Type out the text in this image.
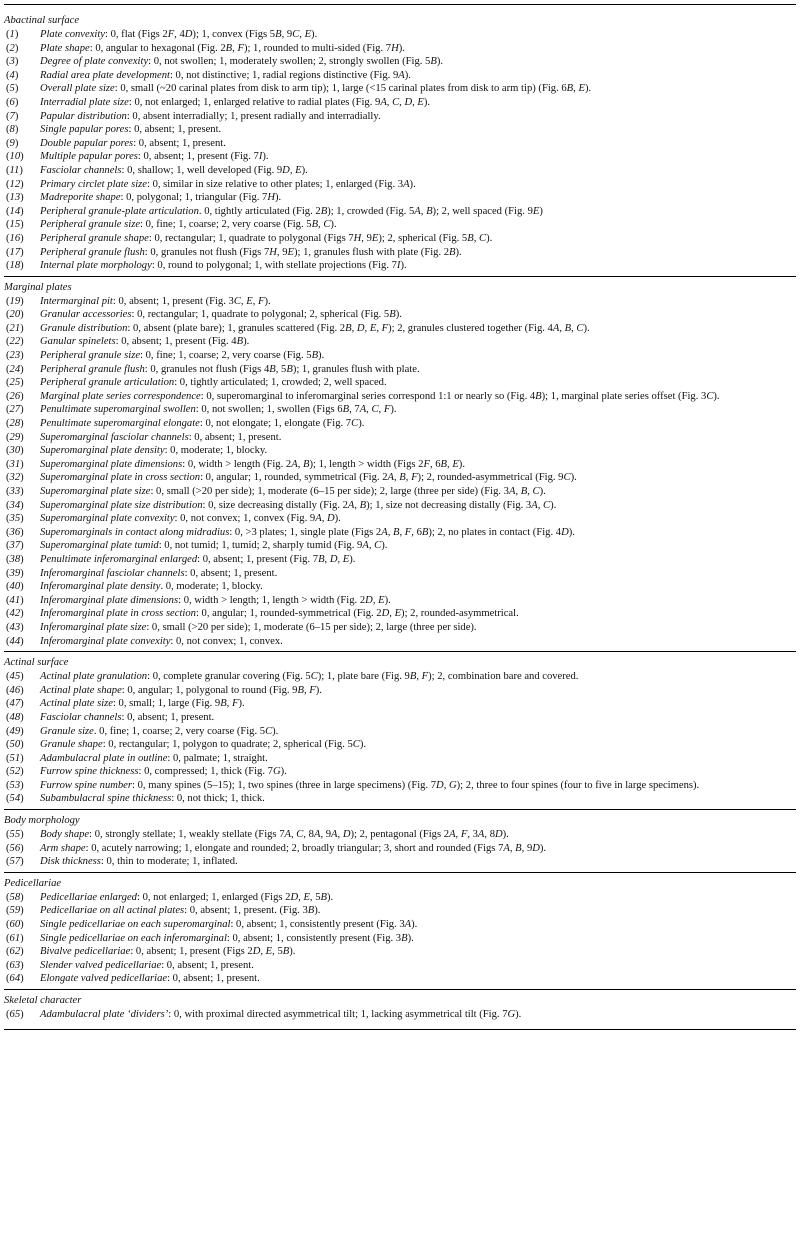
Abactinal surface
(1) Plate convexity: 0, flat (Figs 2F, 4D); 1, convex (Figs 5B, 9C, E).
(2) Plate shape: 0, angular to hexagonal (Fig. 2B, F); 1, rounded to multi-sided (Fig. 7H).
(3) Degree of plate convexity: 0, not swollen; 1, moderately swollen; 2, strongly swollen (Fig. 5B).
(4) Radial area plate development: 0, not distinctive; 1, radial regions distinctive (Fig. 9A).
(5) Overall plate size: 0, small (~20 carinal plates from disk to arm tip); 1, large (<15 carinal plates from disk to arm tip) (Fig. 6B, E).
(6) Interradial plate size: 0, not enlarged; 1, enlarged relative to radial plates (Fig. 9A, C, D, E).
(7) Papular distribution: 0, absent interradially; 1, present radially and interradially.
(8) Single papular pores: 0, absent; 1, present.
(9) Double papular pores: 0, absent; 1, present.
(10) Multiple papular pores: 0, absent; 1, present (Fig. 7I).
(11) Fasciolar channels: 0, shallow; 1, well developed (Fig. 9D, E).
(12) Primary circlet plate size: 0, similar in size relative to other plates; 1, enlarged (Fig. 3A).
(13) Madreporite shape: 0, polygonal; 1, triangular (Fig. 7H).
(14) Peripheral granule-plate articulation. 0, tightly articulated (Fig. 2B); 1, crowded (Fig. 5A, B); 2, well spaced (Fig. 9E)
(15) Peripheral granule size: 0, fine; 1, coarse; 2, very coarse (Fig. 5B, C).
(16) Peripheral granule shape: 0, rectangular; 1, quadrate to polygonal (Figs 7H, 9E); 2, spherical (Fig. 5B, C).
(17) Peripheral granule flush: 0, granules not flush (Figs 7H, 9E); 1, granules flush with plate (Fig. 2B).
(18) Internal plate morphology: 0, round to polygonal; 1, with stellate projections (Fig. 7I).
Marginal plates
(19) Intermarginal pit: 0, absent; 1, present (Fig. 3C, E, F).
(20) Granular accessories: 0, rectangular; 1, quadrate to polygonal; 2, spherical (Fig. 5B).
(21) Granule distribution: 0, absent (plate bare); 1, granules scattered (Fig. 2B, D, E, F); 2, granules clustered together (Fig. 4A, B, C).
(22) Ganular spinelets: 0, absent; 1, present (Fig. 4B).
(23) Peripheral granule size: 0, fine; 1, coarse; 2, very coarse (Fig. 5B).
(24) Peripheral granule flush: 0, granules not flush (Figs 4B, 5B); 1, granules flush with plate.
(25) Peripheral granule articulation: 0, tightly articulated; 1, crowded; 2, well spaced.
(26) Marginal plate series correspondence: 0, superomarginal to inferomarginal series correspond 1:1 or nearly so (Fig. 4B); 1, marginal plate series offset (Fig. 3C).
(27) Penultimate superomarginal swollen: 0, not swollen; 1, swollen (Figs 6B, 7A, C, F).
(28) Penultimate superomarginal elongate: 0, not elongate; 1, elongate (Fig. 7C).
(29) Superomarginal fasciolar channels: 0, absent; 1, present.
(30) Superomarginal plate density: 0, moderate; 1, blocky.
(31) Superomarginal plate dimensions: 0, width > length (Fig. 2A, B); 1, length > width (Figs 2F, 6B, E).
(32) Superomarginal plate in cross section: 0, angular; 1, rounded, symmetrical (Fig. 2A, B, F); 2, rounded-asymmetrical (Fig. 9C).
(33) Superomarginal plate size: 0, small (>20 per side); 1, moderate (6–15 per side); 2, large (three per side) (Fig. 3A, B, C).
(34) Superomarginal plate size distribution: 0, size decreasing distally (Fig. 2A, B); 1, size not decreasing distally (Fig. 3A, C).
(35) Superomarginal plate convexity: 0, not convex; 1, convex (Fig. 9A, D).
(36) Superomarginals in contact along midradius: 0, >3 plates; 1, single plate (Figs 2A, B, F, 6B); 2, no plates in contact (Fig. 4D).
(37) Superomarginal plate tumid: 0, not tumid; 1, tumid; 2, sharply tumid (Fig. 9A, C).
(38) Penultimate inferomarginal enlarged: 0, absent; 1, present (Fig. 7B, D, E).
(39) Inferomarginal fasciolar channels: 0, absent; 1, present.
(40) Inferomarginal plate density. 0, moderate; 1, blocky.
(41) Inferomarginal plate dimensions: 0, width > length; 1, length > width (Fig. 2D, E).
(42) Inferomarginal plate in cross section: 0, angular; 1, rounded-symmetrical (Fig. 2D, E); 2, rounded-asymmetrical.
(43) Inferomarginal plate size: 0, small (>20 per side); 1, moderate (6–15 per side); 2, large (three per side).
(44) Inferomarginal plate convexity: 0, not convex; 1, convex.
Actinal surface
(45) Actinal plate granulation: 0, complete granular covering (Fig. 5C); 1, plate bare (Fig. 9B, F); 2, combination bare and covered.
(46) Actinal plate shape: 0, angular; 1, polygonal to round (Fig. 9B, F).
(47) Actinal plate size: 0, small; 1, large (Fig. 9B, F).
(48) Fasciolar channels: 0, absent; 1, present.
(49) Granule size. 0, fine; 1, coarse; 2, very coarse (Fig. 5C).
(50) Granule shape: 0, rectangular; 1, polygon to quadrate; 2, spherical (Fig. 5C).
(51) Adambulacral plate in outline: 0, palmate; 1, straight.
(52) Furrow spine thickness: 0, compressed; 1, thick (Fig. 7G).
(53) Furrow spine number: 0, many spines (5–15); 1, two spines (three in large specimens) (Fig. 7D, G); 2, three to four spines (four to five in large specimens).
(54) Subambulacral spine thickness: 0, not thick; 1, thick.
Body morphology
(55) Body shape: 0, strongly stellate; 1, weakly stellate (Figs 7A, C, 8A, 9A, D); 2, pentagonal (Figs 2A, F, 3A, 8D).
(56) Arm shape: 0, acutely narrowing; 1, elongate and rounded; 2, broadly triangular; 3, short and rounded (Figs 7A, B, 9D).
(57) Disk thickness: 0, thin to moderate; 1, inflated.
Pedicellariae
(58) Pedicellariae enlarged: 0, not enlarged; 1, enlarged (Figs 2D, E, 5B).
(59) Pedicellariae on all actinal plates: 0, absent; 1, present. (Fig. 3B).
(60) Single pedicellariae on each superomarginal: 0, absent; 1, consistently present (Fig. 3A).
(61) Single pedicellariae on each inferomarginal: 0, absent; 1, consistently present (Fig. 3B).
(62) Bivalve pedicellariae: 0, absent; 1, present (Figs 2D, E, 5B).
(63) Slender valved pedicellariae: 0, absent; 1, present.
(64) Elongate valved pedicellariae: 0, absent; 1, present.
Skeletal character
(65) Adambulacral plate ‘dividers’: 0, with proximal directed asymmetrical tilt; 1, lacking asymmetrical tilt (Fig. 7G).
